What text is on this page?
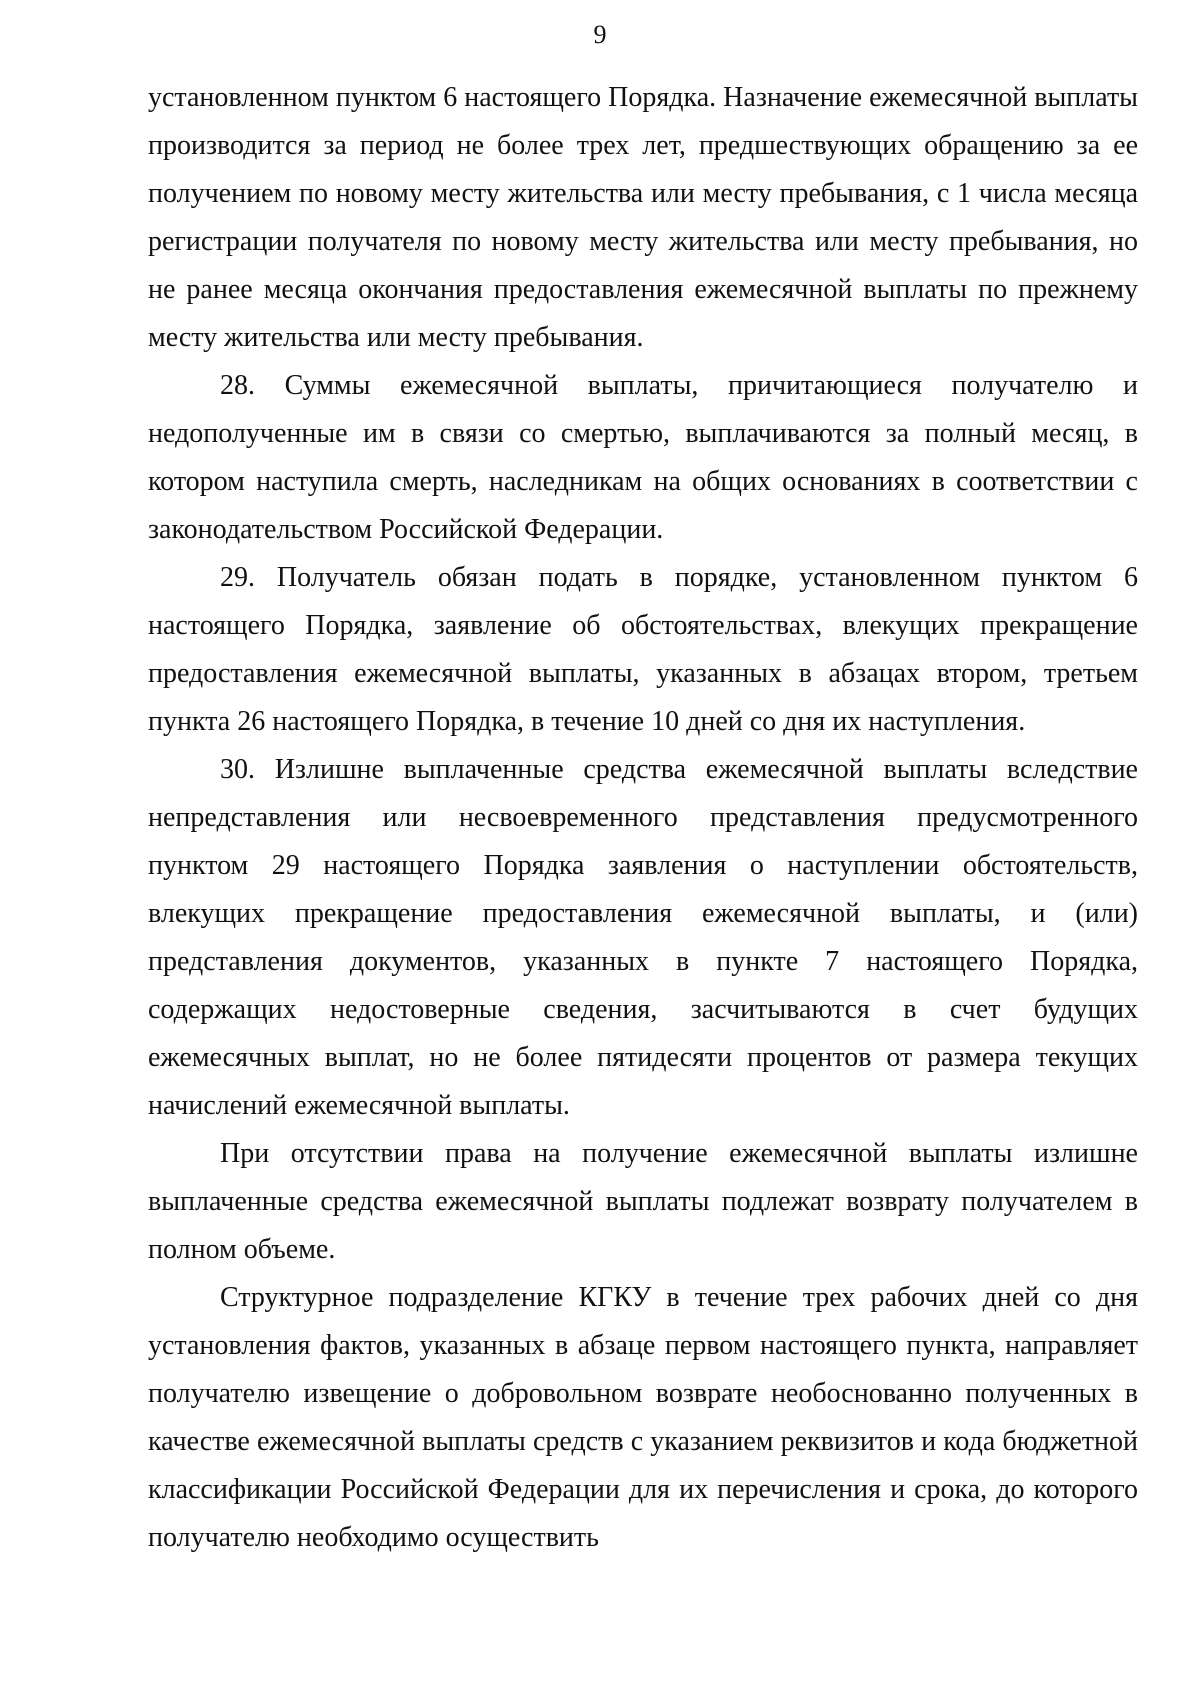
9

установленном пунктом 6 настоящего Порядка. Назначение ежемесячной выплаты производится за период не более трех лет, предшествующих обращению за ее получением по новому месту жительства или месту пребывания, с 1 числа месяца регистрации получателя по новому месту жительства или месту пребывания, но не ранее месяца окончания предоставления ежемесячной выплаты по прежнему месту жительства или месту пребывания.

28. Суммы ежемесячной выплаты, причитающиеся получателю и недополученные им в связи со смертью, выплачиваются за полный месяц, в котором наступила смерть, наследникам на общих основаниях в соответствии с законодательством Российской Федерации.

29. Получатель обязан подать в порядке, установленном пунктом 6 настоящего Порядка, заявление об обстоятельствах, влекущих прекращение предоставления ежемесячной выплаты, указанных в абзацах втором, третьем пункта 26 настоящего Порядка, в течение 10 дней со дня их наступления.

30. Излишне выплаченные средства ежемесячной выплаты вследствие непредставления или несвоевременного представления предусмотренного пунктом 29 настоящего Порядка заявления о наступлении обстоятельств, влекущих прекращение предоставления ежемесячной выплаты, и (или) представления документов, указанных в пункте 7 настоящего Порядка, содержащих недостоверные сведения, засчитываются в счет будущих ежемесячных выплат, но не более пятидесяти процентов от размера текущих начислений ежемесячной выплаты.

При отсутствии права на получение ежемесячной выплаты излишне выплаченные средства ежемесячной выплаты подлежат возврату получателем в полном объеме.

Структурное подразделение КГКУ в течение трех рабочих дней со дня установления фактов, указанных в абзаце первом настоящего пункта, направляет получателю извещение о добровольном возврате необоснованно полученных в качестве ежемесячной выплаты средств с указанием реквизитов и кода бюджетной классификации Российской Федерации для их перечисления и срока, до которого получателю необходимо осуществить
